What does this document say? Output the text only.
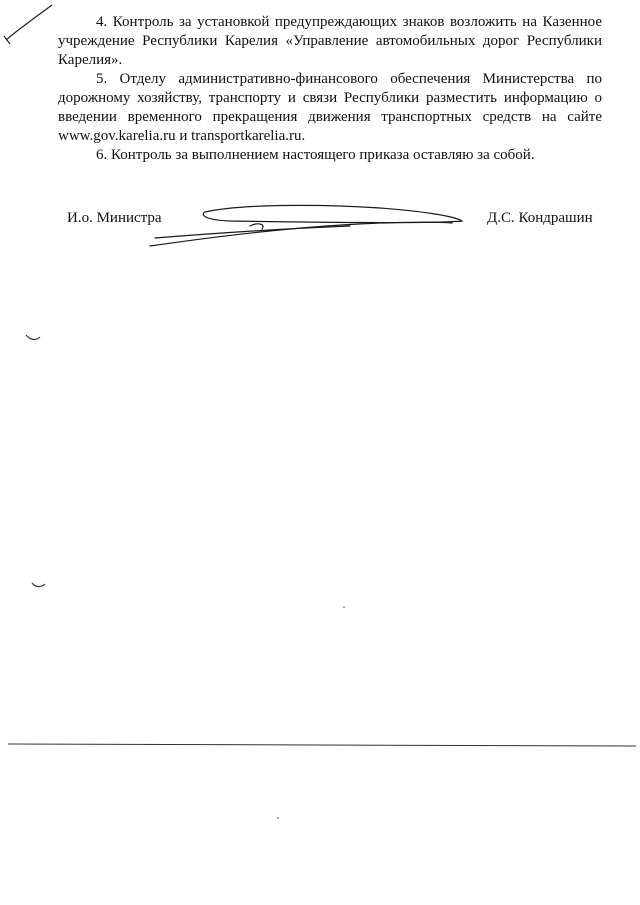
4. Контроль за установкой предупреждающих знаков возложить на Казенное учреждение Республики Карелия «Управление автомобильных дорог Республики Карелия».

5. Отделу административно-финансового обеспечения Министерства по дорожному хозяйству, транспорту и связи Республики разместить информацию о введении временного прекращения движения транспортных средств на сайте www.gov.karelia.ru и transportkarelia.ru.

6. Контроль за выполнением настоящего приказа оставляю за собой.

И.о. Министра	Д.С. Кондрашин
